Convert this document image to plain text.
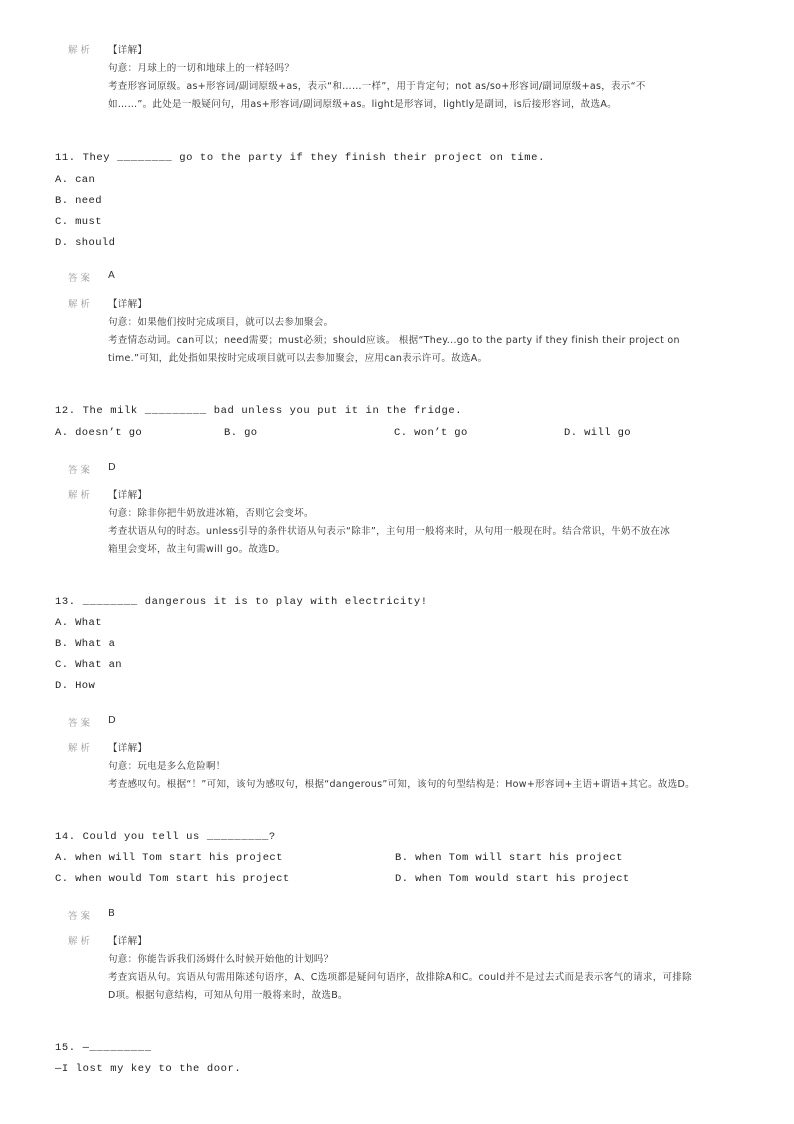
解析 【详解】
句意：月球上的一切和地球上的一样轻吗？
考查形容词原级。as+形容词/副词原级+as，表示“和……一样”，用于肯定句；not as/so+形容词/副词原级+as，表示“不
如……”。此处是一般疑问句，用as+形容词/副词原级+as。light是形容词，lightly是副词，is后接形容词，故选A。
11. They ________ go to the party if they finish their project on time.
A. can
B. need
C. must
D. should
答案 A
解析 【详解】
句意：如果他们按时完成项目，就可以去参加聚会。
考查情态动词。can可以；need需要；must必须；should应该。 根据“They...go to the party if they finish their project on
time.”可知，此处指如果按时完成项目就可以去参加聚会，应用can表示许可。故选A。
12. The milk _________ bad unless you put it in the fridge.
A. doesn’t go	B. go	C. won’t go	D. will go
答案 D
解析 【详解】
句意：除非你把牛奶放进冰箱，否则它会变坏。
考查状语从句的时态。unless引导的条件状语从句表示“除非”，主句用一般将来时，从句用一般现在时。结合常识，牛奶不放在冰
箱里会变坏，故主句需will go。故选D。
13. ________ dangerous it is to play with electricity!
A. What
B. What a
C. What an
D. How
答案 D
解析 【详解】
句意：玩电是多么危险啊！
考查感叹句。根据“！”可知，该句为感叹句，根据“dangerous”可知，该句的句型结构是：How+形容词+主语+谓语+其它。故选D。
14. Could you tell us _________?
A. when will Tom start his project	B. when Tom will start his project
C. when would Tom start his project	D. when Tom would start his project
答案 B
解析 【详解】
句意：你能告诉我们汤姆什么时候开始他的计划吗？
考查宾语从句。宾语从句需用陈述句语序，A、C选项都是疑问句语序，故排除A和C。could并不是过去式而是表示客气的请求，可排除
D项。根据句意结构，可知从句用一般将来时，故选B。
15. —_________
—I lost my key to the door.
